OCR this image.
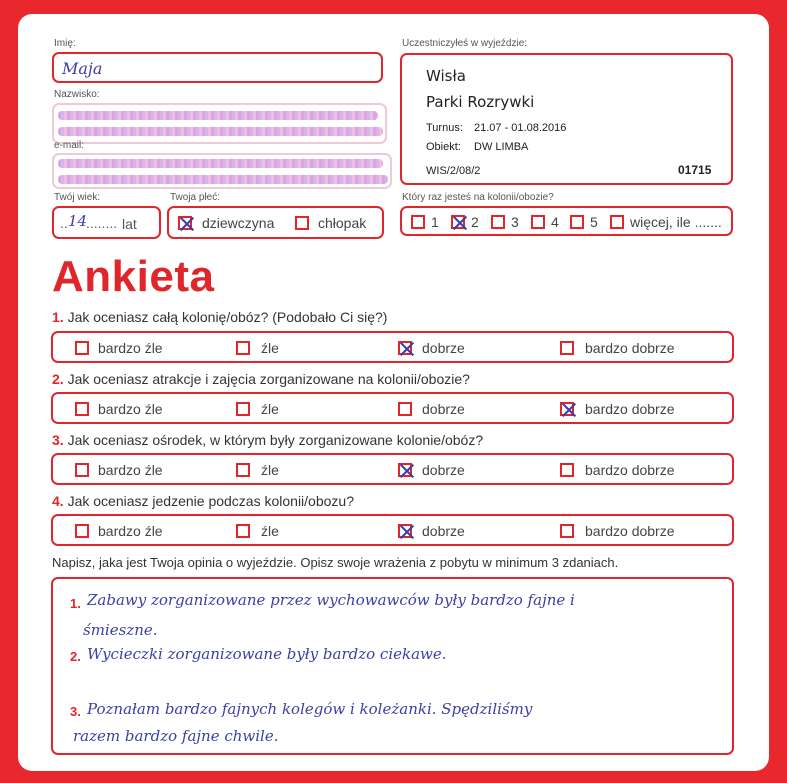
Imię:
Maja
Nazwisko:
e-mail:
Twój wiek:
.. 14
........ lat
Twoja płeć:
dziewczyna	chłopak
Uczestniczyłeś w wyjeździe:
Wisła
Parki Rozrywki
Turnus: 21.07 - 01.08.2016
Obiekt: DW LIMBA
WIS/2/08/2	01715
Który raz jesteś na kolonii/obozie?
1 2 3 4 5 więcej, ile .......
Ankieta
1. Jak oceniasz całą kolonię/obóz? (Podobało Ci się?)
bardzo źle	źle	dobrze	bardzo dobrze
2. Jak oceniasz atrakcje i zajęcia zorganizowane na kolonii/obozie?
bardzo źle	źle	dobrze	bardzo dobrze
3. Jak oceniasz ośrodek, w którym były zorganizowane kolonie/obóz?
bardzo źle	źle	dobrze	bardzo dobrze
4. Jak oceniasz jedzenie podczas kolonii/obozu?
bardzo źle	źle	dobrze	bardzo dobrze
Napisz, jaka jest Twoja opinia o wyjeździe. Opisz swoje wrażenia z pobytu w minimum 3 zdaniach.
1. Zabawy zorganizowane przez wychowawców były bardzo fajne i
śmieszne.
2. Wycieczki zorganizowane były bardzo ciekawe.
3. Poznałam bardzo fajnych kolegów i koleżanki. Spędziliśmy
razem bardzo fajne chwile.
